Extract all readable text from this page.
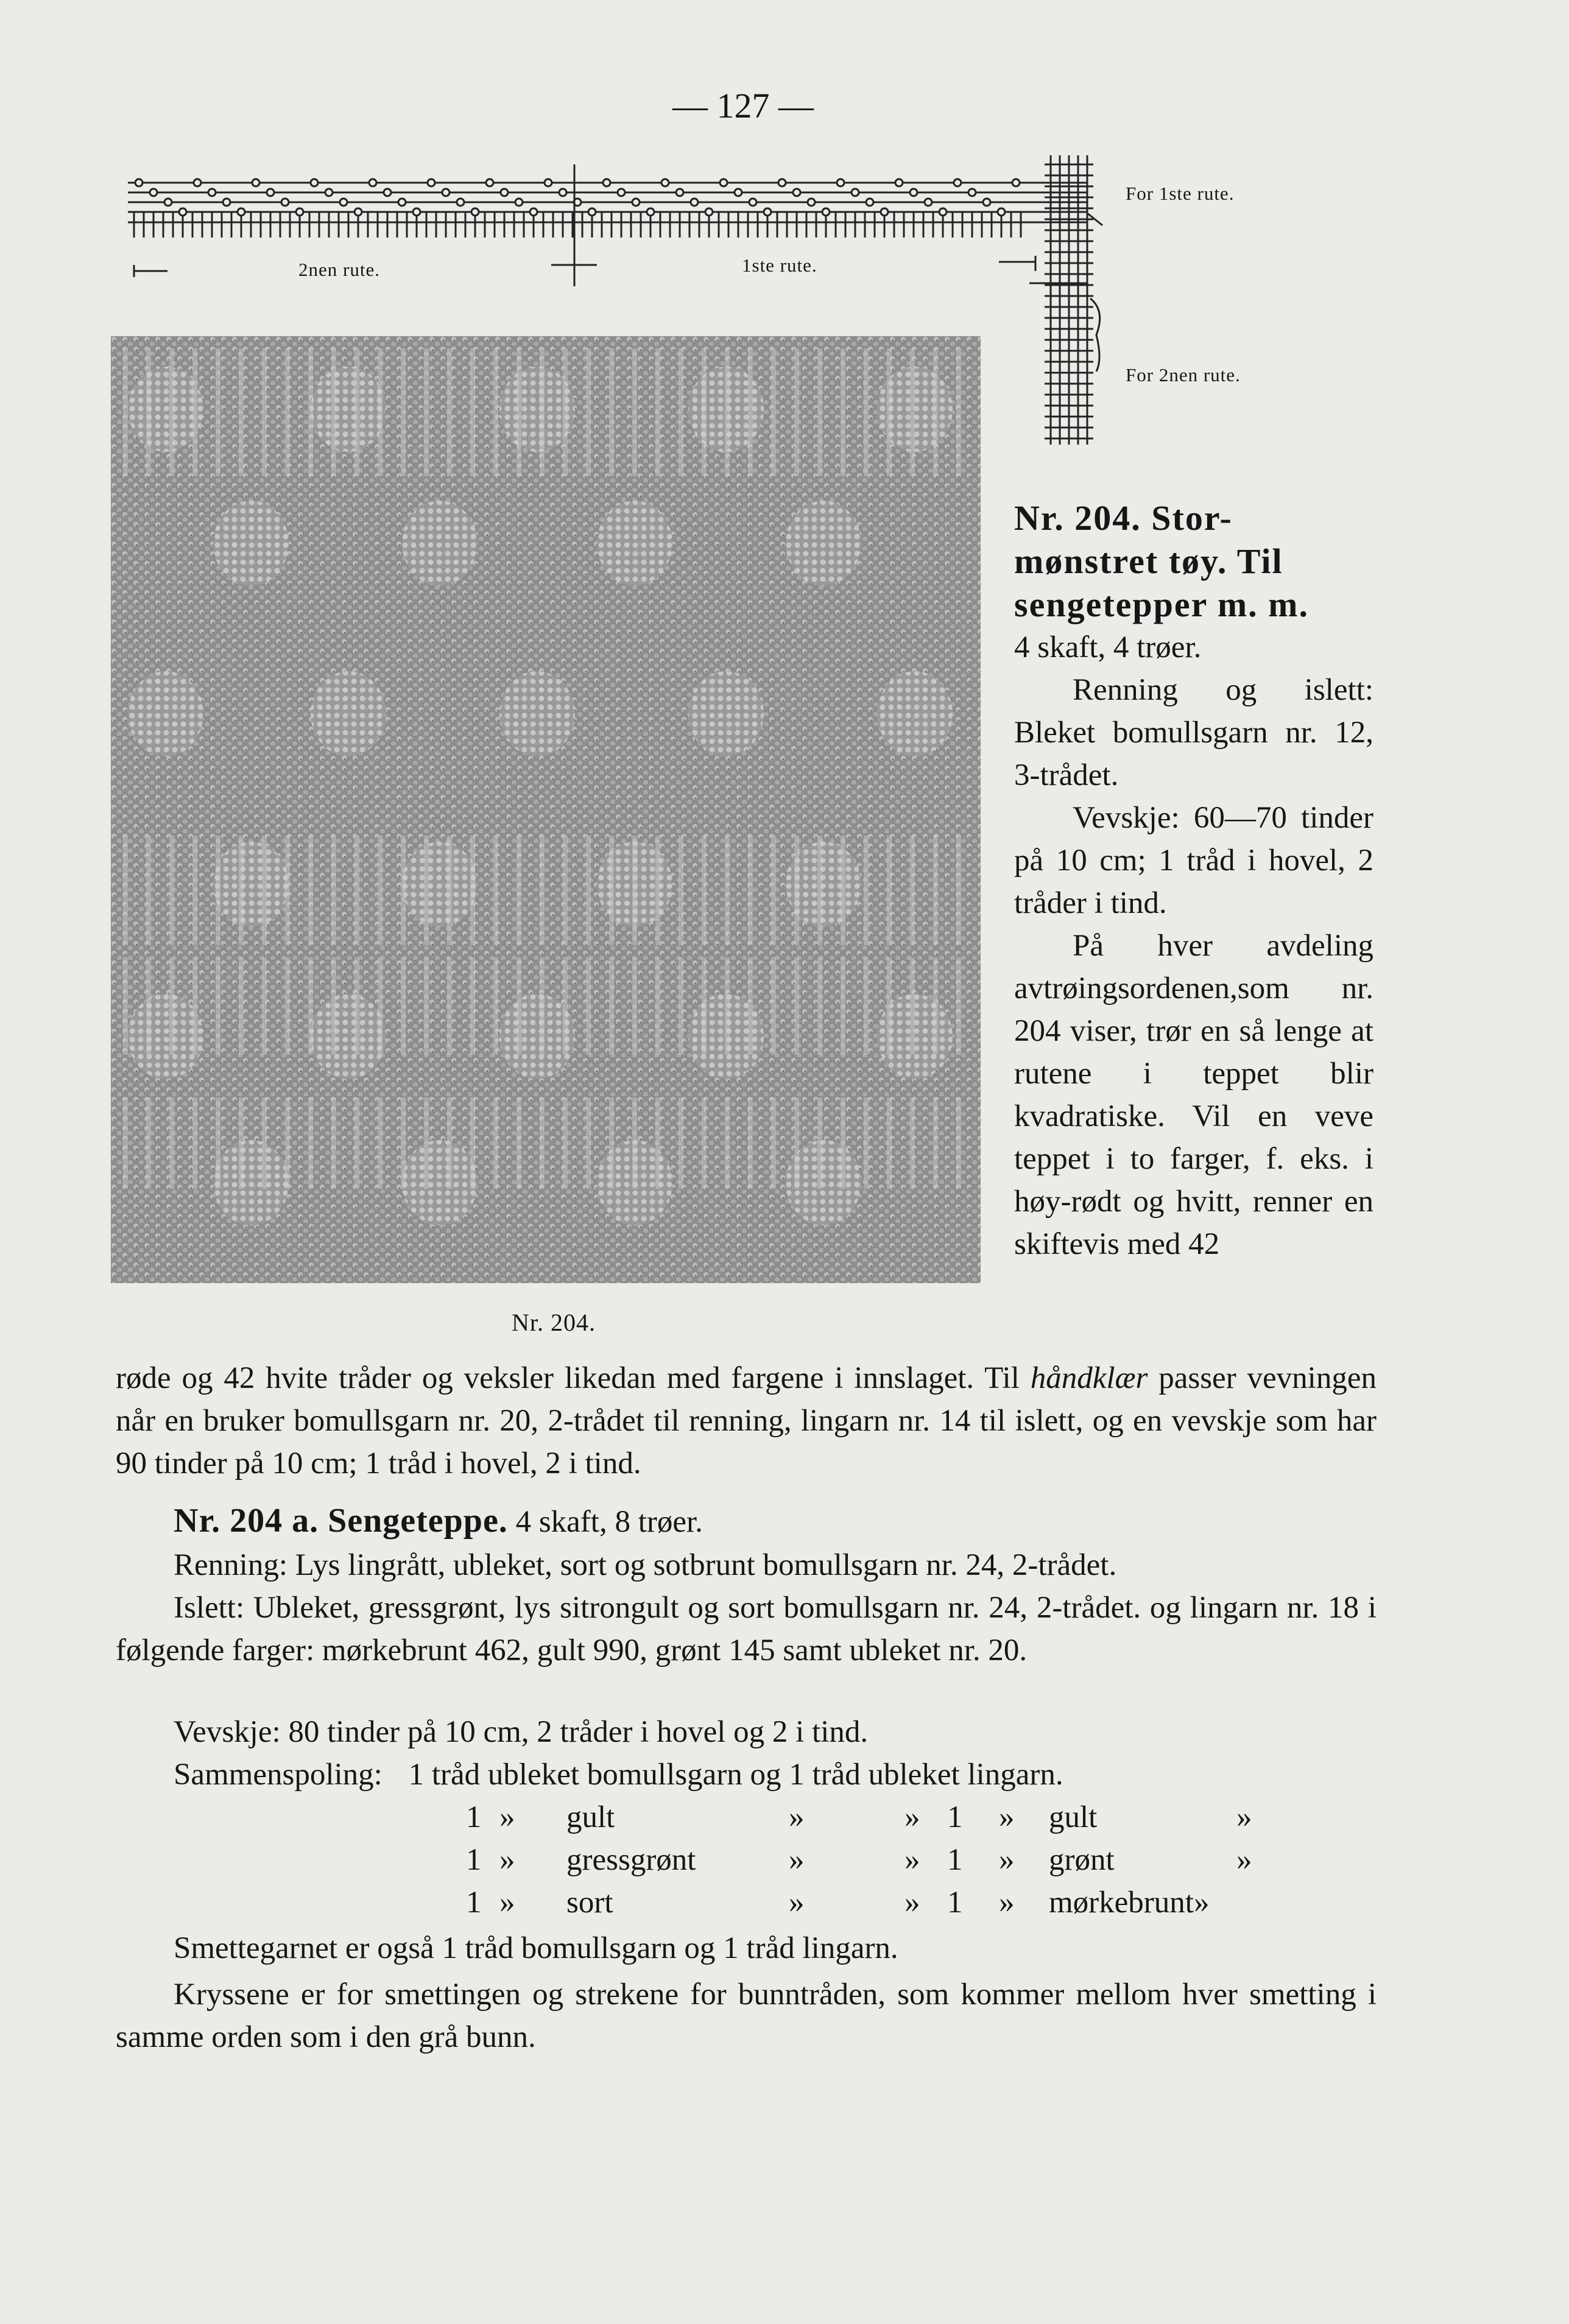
— 127 —
2nen rute.	1ste rute.
For 1ste rute.
For 2nen rute.
Nr. 204.

Nr. 204. Stor-
mønstret tøy. Til
sengetepper m. m.

4 skaft, 4 trøer.

Renning og islett: Bleket bomullsgarn nr. 12, 3-trådet.

Vevskje: 60—70 tinder på 10 cm; 1 tråd i hovel, 2 tråder i tind.

På hver avdeling avtrøingsordenen,som nr. 204 viser, trør en så lenge at rutene i teppet blir kvadratiske. Vil en veve teppet i to farger, f. eks. i høy-rødt og hvitt, renner en skiftevis med 42

røde og 42 hvite tråder og veksler likedan med fargene i innslaget. Til håndklær passer vevningen når en bruker bomullsgarn nr. 20, 2-trådet til renning, lingarn nr. 14 til islett, og en vevskje som har 90 tinder på 10 cm; 1 tråd i hovel, 2 i tind.
Nr. 204 a. Sengeteppe. 4 skaft, 8 trøer.
Renning: Lys lingrått, ubleket, sort og sotbrunt bomullsgarn nr. 24, 2-trådet.
Islett: Ubleket, gressgrønt, lys sitrongult og sort bomullsgarn nr. 24, 2-trådet. og lingarn nr. 18 i følgende farger: mørkebrunt 462, gult 990, grønt 145 samt ubleket nr. 20.
Vevskje: 80 tinder på 10 cm, 2 tråder i hovel og 2 i tind.
Sammenspoling: 1 tråd ubleket bomullsgarn og 1 tråd ubleket lingarn.
1 » gult	»	» 1 » gult	»
1 » gressgrønt	»	» 1 » grønt	»
1 » sort	»	» 1 » mørkebrunt»
Smettegarnet er også 1 tråd bomullsgarn og 1 tråd lingarn.
Kryssene er for smettingen og strekene for bunntråden, som kommer mellom hver smetting i samme orden som i den grå bunn.
